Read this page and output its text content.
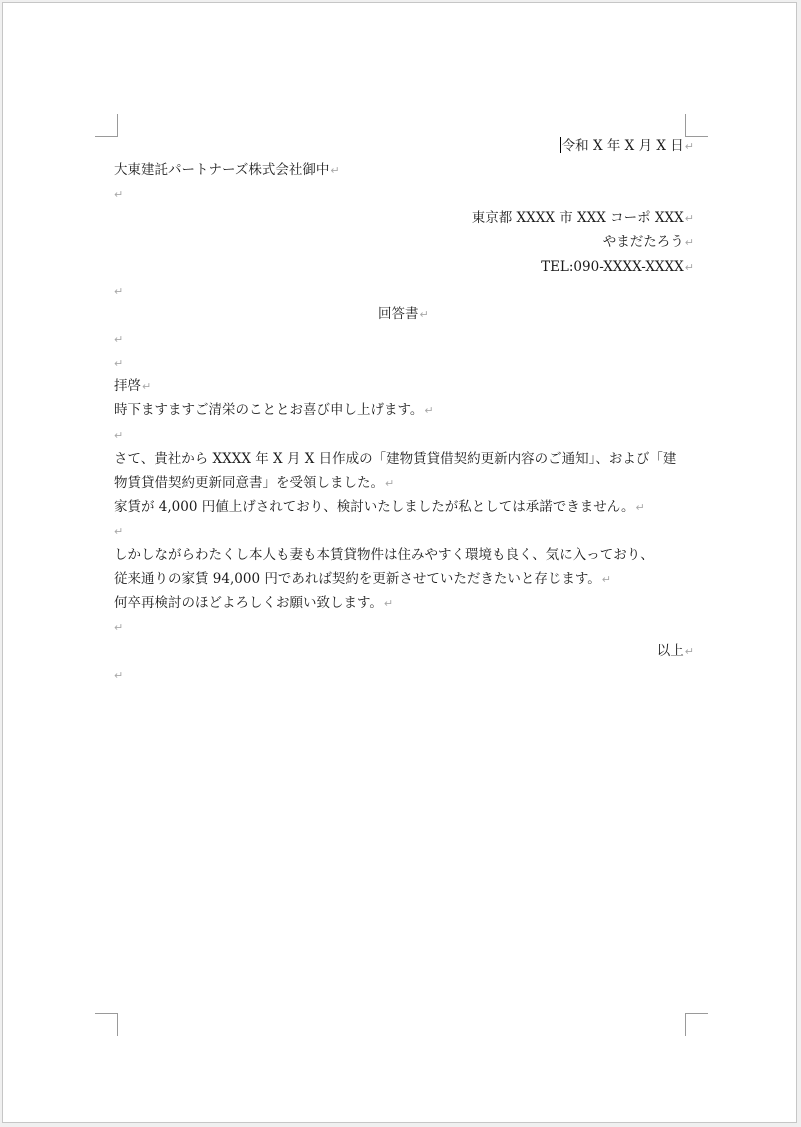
令和 X 年 X 月 X 日↵
大東建託パートナーズ株式会社御中↵
↵
東京都 XXXX 市 XXX コーポ XXX↵
やまだたろう↵
TEL:090-XXXX-XXXX↵
↵
回答書↵
↵
↵
拝啓↵
時下ますますご清栄のこととお喜び申し上げます。↵
↵
さて、貴社から XXXX 年 X 月 X 日作成の「建物賃貸借契約更新内容のご通知」、および「建
物賃貸借契約更新同意書」を受領しました。↵
家賃が 4,000 円値上げされており、検討いたしましたが私としては承諾できません。↵
↵
しかしながらわたくし本人も妻も本賃貸物件は住みやすく環境も良く、気に入っており、
従来通りの家賃 94,000 円であれば契約を更新させていただきたいと存じます。↵
何卒再検討のほどよろしくお願い致します。↵
↵
以上↵
↵
